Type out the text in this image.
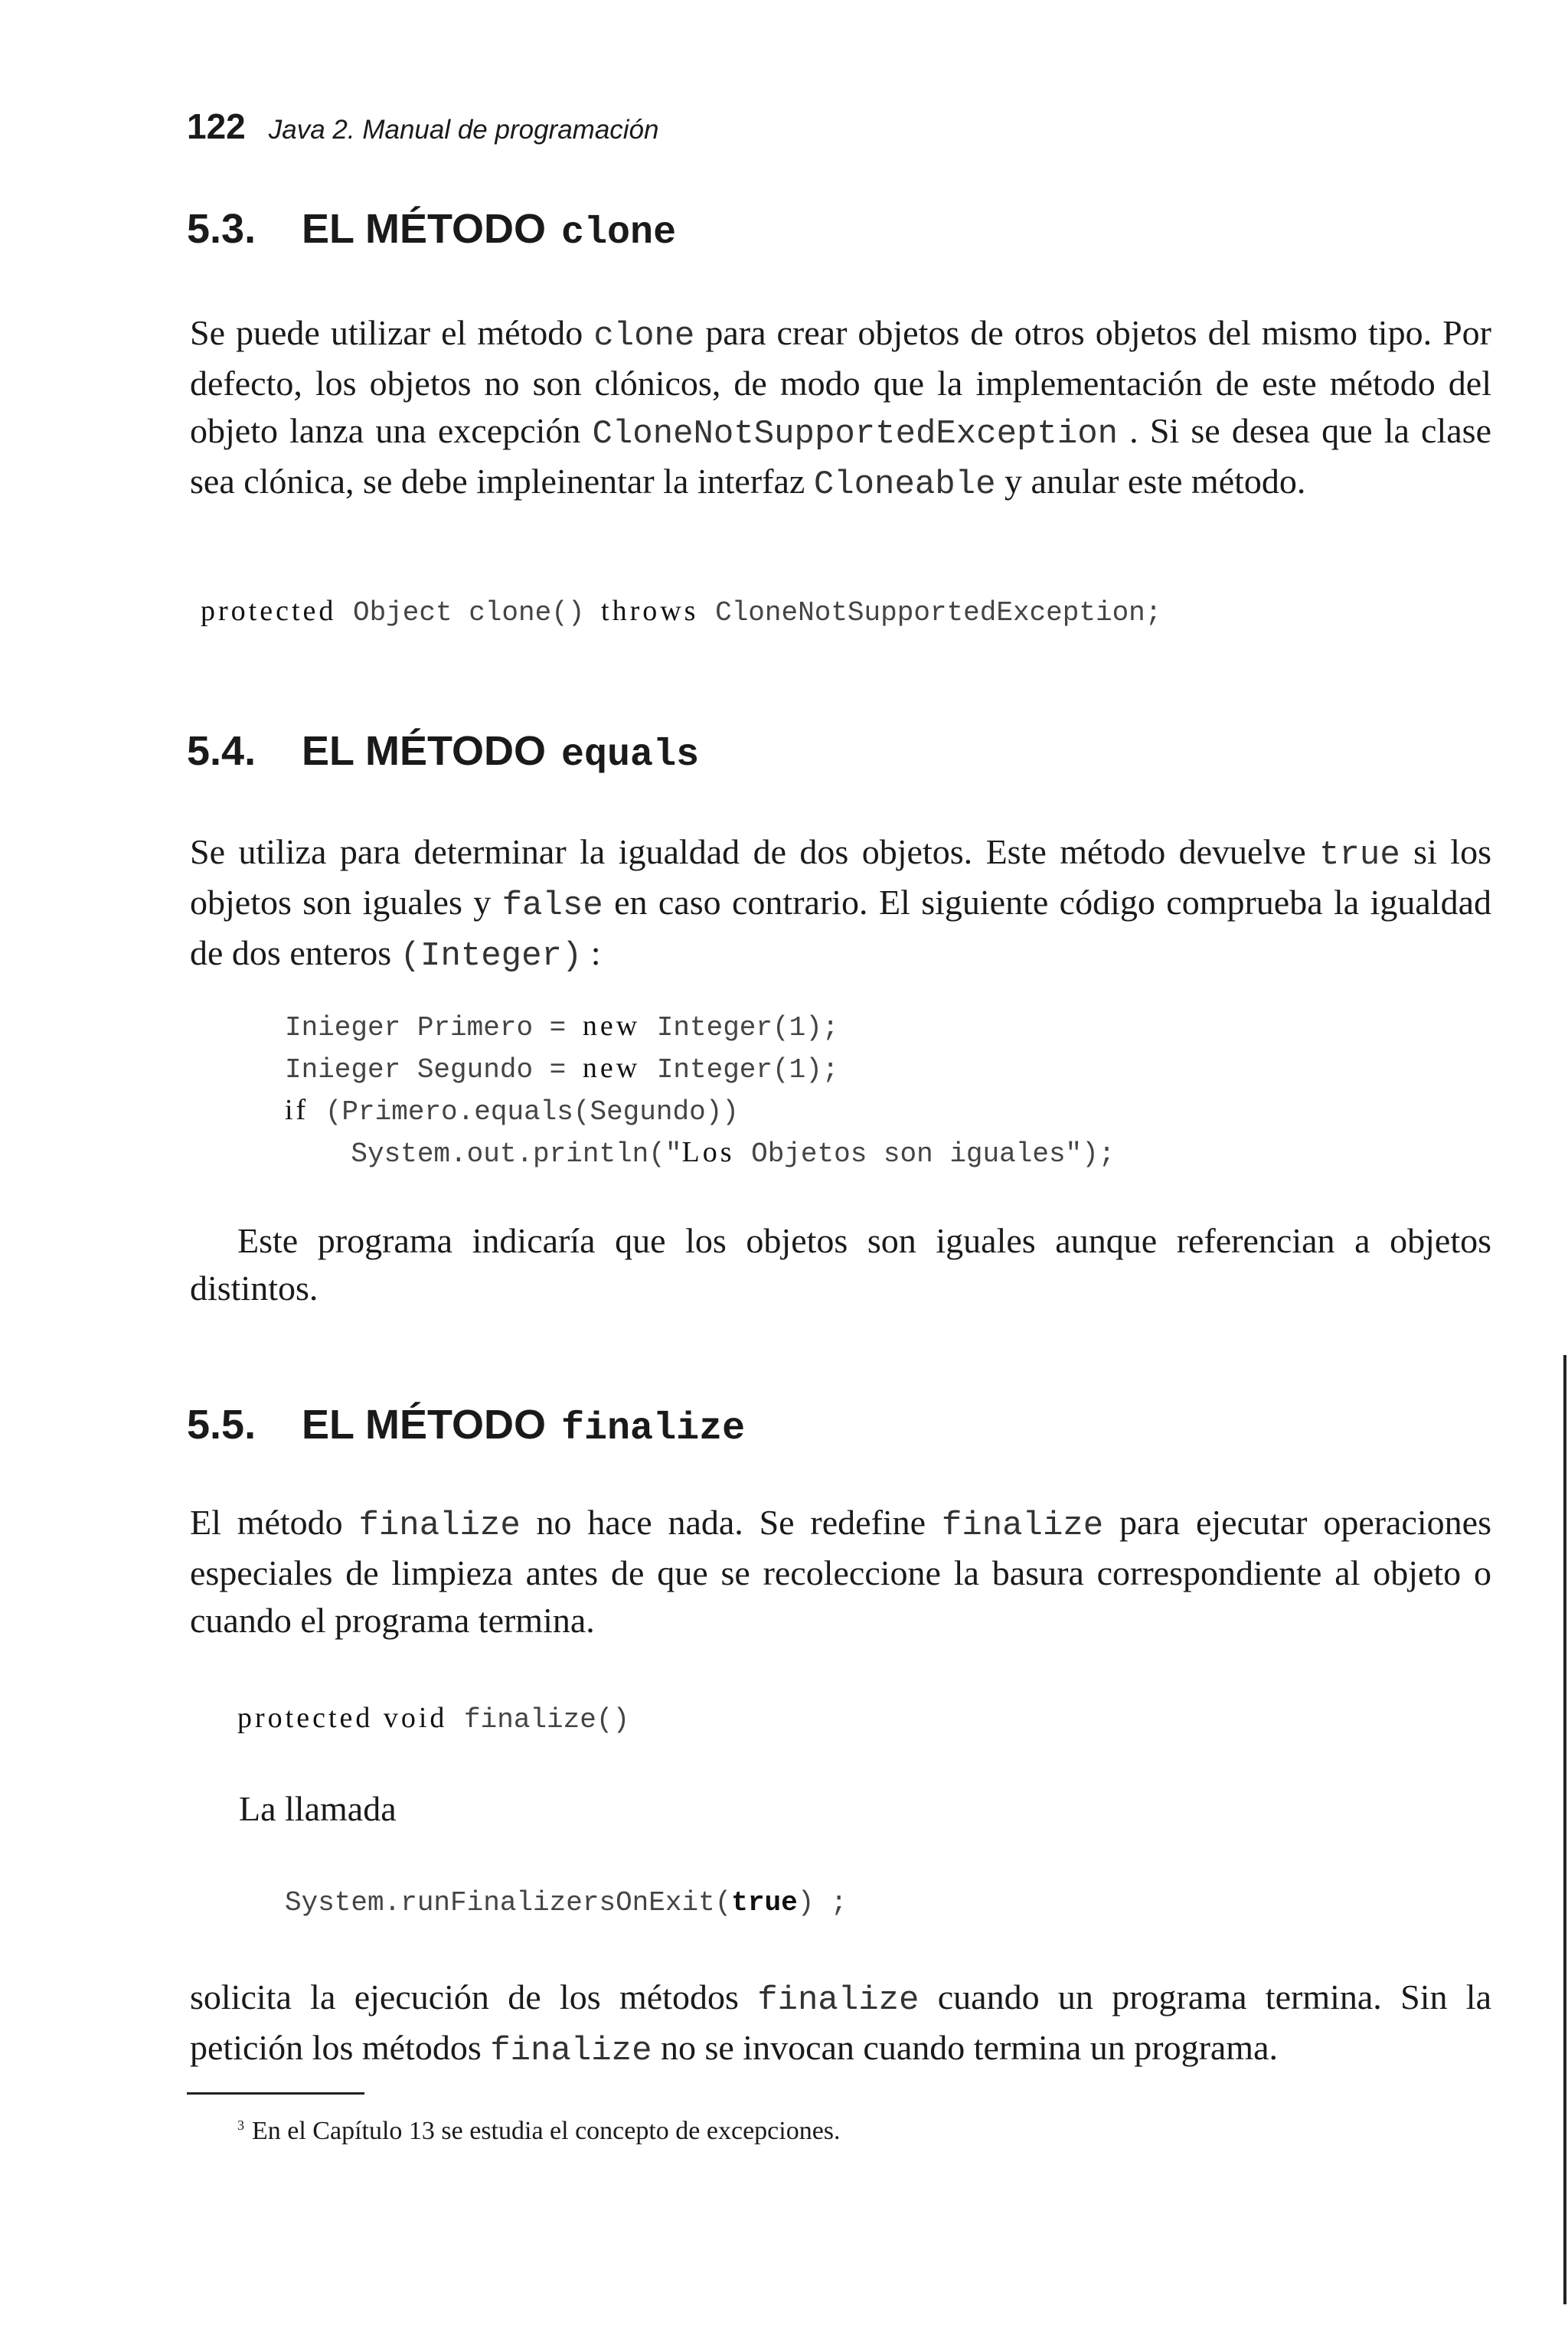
122 Java 2. Manual de programación
5.3.	EL MÉTODO clone

Se puede utilizar el método clone para crear objetos de otros objetos del mismo tipo. Por defecto, los objetos no son clónicos, de modo que la implementación de este método del objeto lanza una excepción CloneNotSupportedException . Si se desea que la clase sea clónica, se debe impleinentar la interfaz Cloneable y anular este método.

protected Object clone() throws CloneNotSupportedException;
5.4.	EL MÉTODO equals

Se utiliza para determinar la igualdad de dos objetos. Este método devuelve true si los objetos son iguales y false en caso contrario. El siguiente código comprueba la igualdad de dos enteros (Integer) :

Inieger Primero = new Integer(1);
Inieger Segundo = new Integer(1);
if (Primero.equals(Segundo))
System.out.println("Los Objetos son iguales");

Este programa indicaría que los objetos son iguales aunque referencian a objetos distintos.

5.5.	EL MÉTODO finalize

El método finalize no hace nada. Se redefine finalize para ejecutar operaciones especiales de limpieza antes de que se recoleccione la basura correspondiente al objeto o cuando el programa termina.

protected void finalize()
La llamada
System.runFinalizersOnExit(true) ;

solicita la ejecución de los métodos finalize cuando un programa termina. Sin la petición los métodos finalize no se invocan cuando termina un programa.

$^3$ En el Capítulo 13 se estudia el concepto de excepciones.
